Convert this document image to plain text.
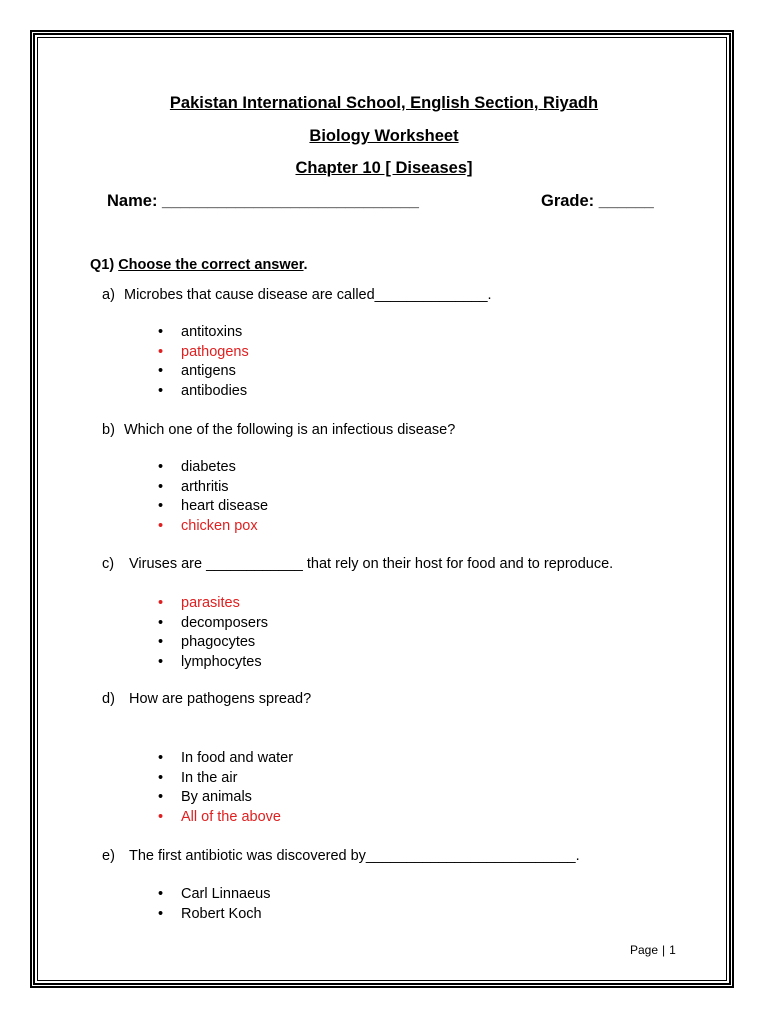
Pakistan International School, English Section, Riyadh
Biology Worksheet
Chapter 10 [ Diseases]
Name: ____________________________	Grade: ______
Q1) Choose the correct answer.
a) Microbes that cause disease are called______________.
• antitoxins
• pathogens
• antigens
• antibodies
b) Which one of the following is an infectious disease?
• diabetes
• arthritis
• heart disease
• chicken pox
c) Viruses are ____________ that rely on their host for food and to reproduce.
• parasites
• decomposers
• phagocytes
• lymphocytes
d) How are pathogens spread?
• In food and water
• In the air
• By animals
• All of the above
e) The first antibiotic was discovered by__________________________.
• Carl Linnaeus
• Robert Koch
Page | 1
